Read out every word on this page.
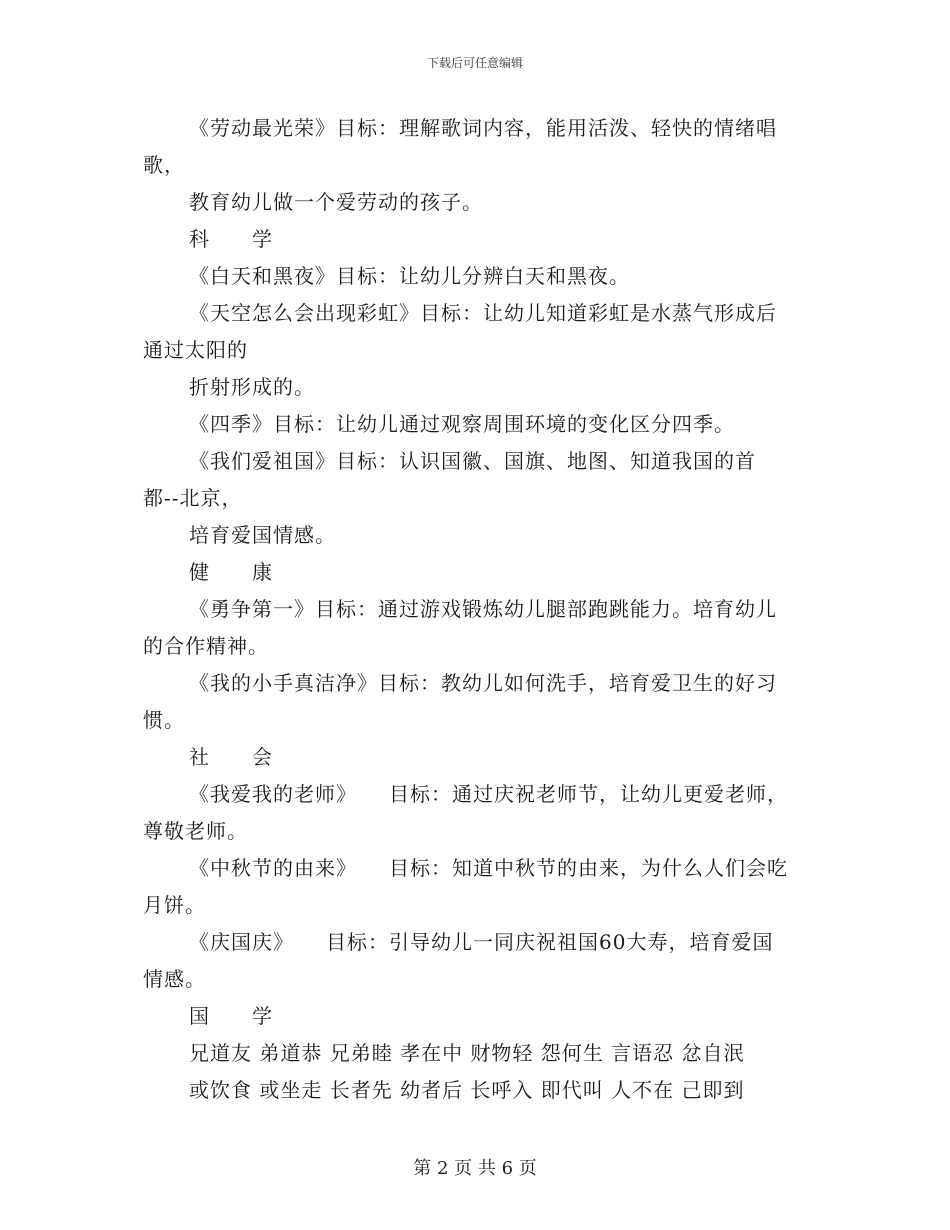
下载后可任意编辑
《劳动最光荣》目标：理解歌词内容，能用活泼、轻快的情绪唱
歌，
教育幼儿做一个爱劳动的孩子。
科　　学
《白天和黑夜》目标：让幼儿分辨白天和黑夜。
《天空怎么会出现彩虹》目标：让幼儿知道彩虹是水蒸气形成后
通过太阳的
折射形成的。
《四季》目标：让幼儿通过观察周围环境的变化区分四季。
《我们爱祖国》目标：认识国徽、国旗、地图、知道我国的首
都--北京，
培育爱国情感。
健　　康
《勇争第一》目标：通过游戏锻炼幼儿腿部跑跳能力。培育幼儿
的合作精神。
《我的小手真洁净》目标：教幼儿如何洗手，培育爱卫生的好习
惯。
社　　会
《我爱我的老师》　　目标：通过庆祝老师节，让幼儿更爱老师，
尊敬老师。
《中秋节的由来》　　目标：知道中秋节的由来，为什么人们会吃
月饼。
《庆国庆》　　目标：引导幼儿一同庆祝祖国60大寿，培育爱国
情感。
国　　学
兄道友 弟道恭 兄弟睦 孝在中 财物轻 怨何生 言语忍 忿自泯
或饮食 或坐走 长者先 幼者后 长呼入 即代叫 人不在 己即到
第 2 页 共 6 页
